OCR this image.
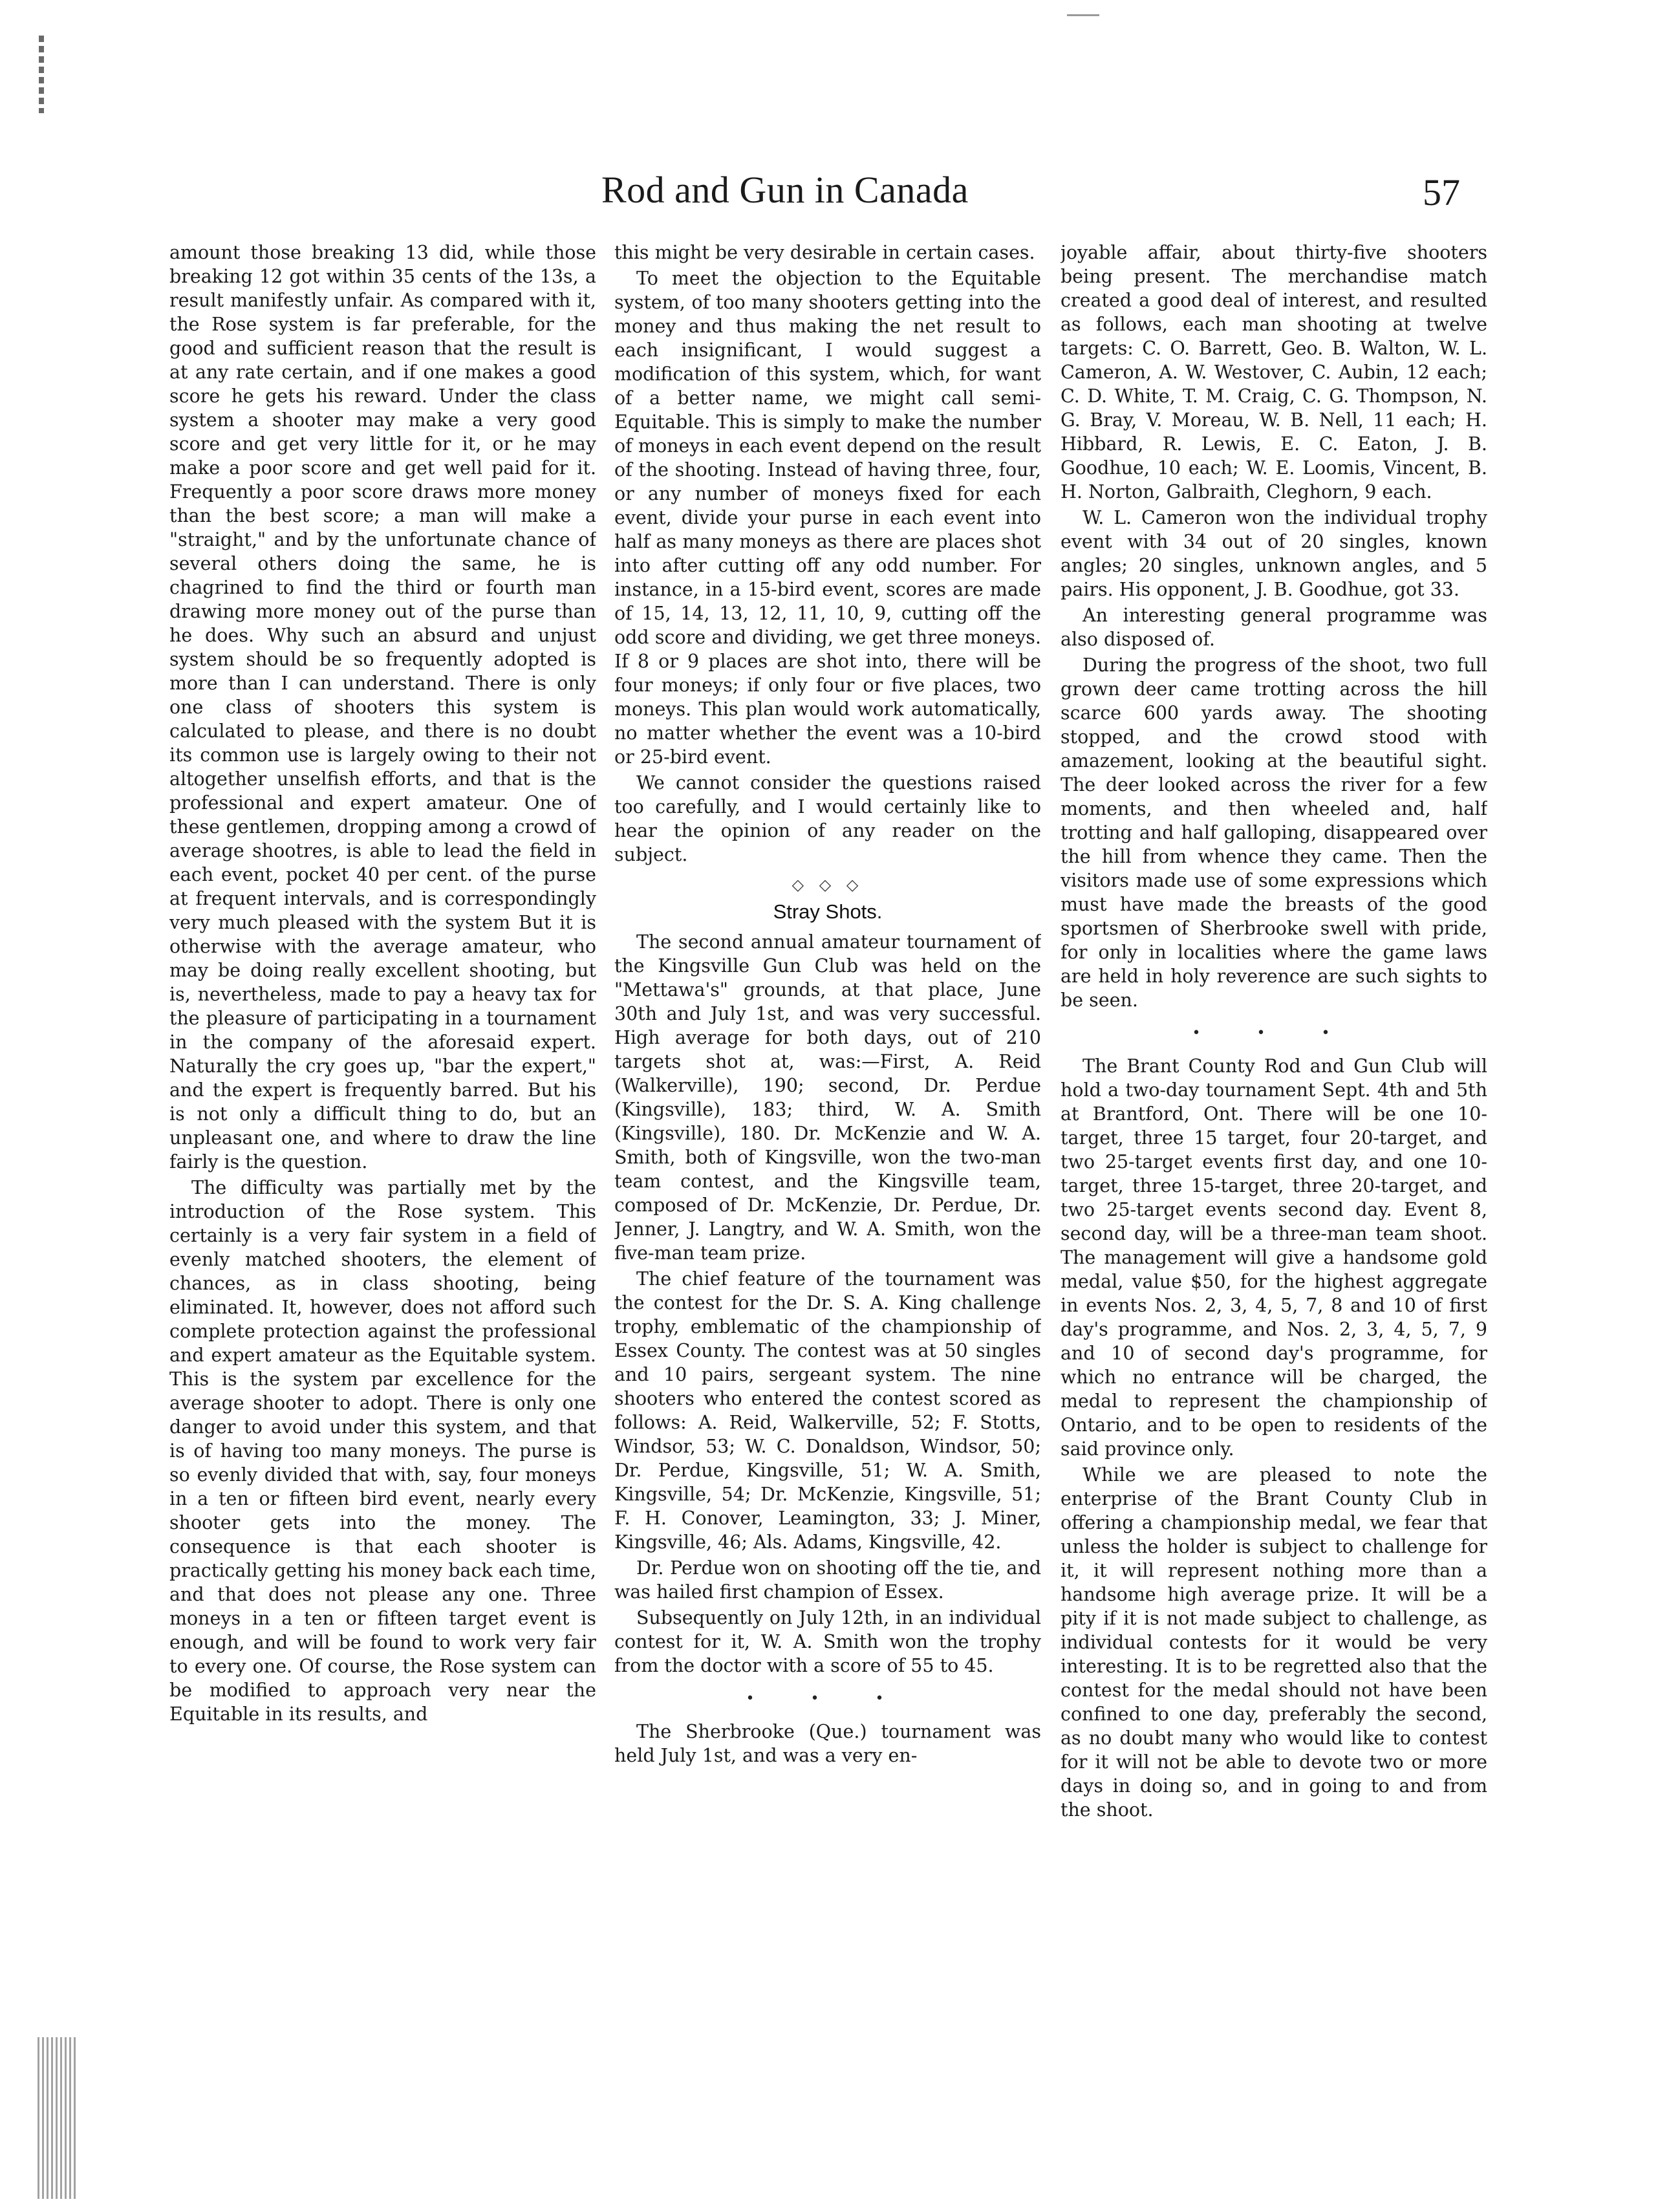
Rod and Gun in Canada	57

amount those breaking 13 did, while those breaking 12 got within 35 cents of the 13s, a result manifestly unfair. As compared with it, the Rose system is far preferable, for the good and sufficient reason that the result is at any rate certain, and if one makes a good score he gets his reward. Under the class system a shooter may make a very good score and get very little for it, or he may make a poor score and get well paid for it. Frequently a poor score draws more money than the best score; a man will make a "straight," and by the unfortunate chance of several others doing the same, he is chagrined to find the third or fourth man drawing more money out of the purse than he does. Why such an absurd and unjust system should be so frequently adopted is more than I can understand. There is only one class of shooters this system is calculated to please, and there is no doubt its common use is largely owing to their not altogether unselfish efforts, and that is the professional and expert amateur. One of these gentlemen, dropping among a crowd of average shootres, is able to lead the field in each event, pocket 40 per cent. of the purse at frequent intervals, and is correspondingly very much pleased with the system But it is otherwise with the average amateur, who may be doing really excellent shooting, but is, nevertheless, made to pay a heavy tax for the pleasure of participating in a tournament in the company of the aforesaid expert. Naturally the cry goes up, "bar the expert," and the expert is frequently barred. But his is not only a difficult thing to do, but an unpleasant one, and where to draw the line fairly is the question.

The difficulty was partially met by the introduction of the Rose system. This certainly is a very fair system in a field of evenly matched shooters, the element of chances, as in class shooting, being eliminated. It, however, does not afford such complete protection against the professional and expert amateur as the Equitable system. This is the system par excellence for the average shooter to adopt. There is only one danger to avoid under this system, and that is of having too many moneys. The purse is so evenly divided that with, say, four moneys in a ten or fifteen bird event, nearly every shooter gets into the money. The consequence is that each shooter is practically getting his money back each time, and that does not please any one. Three moneys in a ten or fifteen target event is enough, and will be found to work very fair to every one. Of course, the Rose system can be modified to approach very near the Equitable in its results, and

this might be very desirable in certain cases.

To meet the objection to the Equitable system, of too many shooters getting into the money and thus making the net result to each insignificant, I would suggest a modification of this system, which, for want of a better name, we might call semi-Equitable. This is simply to make the number of moneys in each event depend on the result of the shooting. Instead of having three, four, or any number of moneys fixed for each event, divide your purse in each event into half as many moneys as there are places shot into after cutting off any odd number. For instance, in a 15-bird event, scores are made of 15, 14, 13, 12, 11, 10, 9, cutting off the odd score and dividing, we get three moneys. If 8 or 9 places are shot into, there will be four moneys; if only four or five places, two moneys. This plan would work automatically, no matter whether the event was a 10-bird or 25-bird event.

We cannot consider the questions raised too carefully, and I would certainly like to hear the opinion of any reader on the subject.

◇ ◇ ◇
Stray Shots.

The second annual amateur tournament of the Kingsville Gun Club was held on the "Mettawa's" grounds, at that place, June 30th and July 1st, and was very successful. High average for both days, out of 210 targets shot at, was:—First, A. Reid (Walkerville), 190; second, Dr. Perdue (Kingsville), 183; third, W. A. Smith (Kingsville), 180. Dr. McKenzie and W. A. Smith, both of Kingsville, won the two-man team contest, and the Kingsville team, composed of Dr. McKenzie, Dr. Perdue, Dr. Jenner, J. Langtry, and W. A. Smith, won the five-man team prize.

The chief feature of the tournament was the contest for the Dr. S. A. King challenge trophy, emblematic of the championship of Essex County. The contest was at 50 singles and 10 pairs, sergeant system. The nine shooters who entered the contest scored as follows: A. Reid, Walkerville, 52; F. Stotts, Windsor, 53; W. C. Donaldson, Windsor, 50; Dr. Perdue, Kingsville, 51; W. A. Smith, Kingsville, 54; Dr. McKenzie, Kingsville, 51; F. H. Conover, Leamington, 33; J. Miner, Kingsville, 46; Als. Adams, Kingsville, 42.

Dr. Perdue won on shooting off the tie, and was hailed first champion of Essex.

Subsequently on July 12th, in an individual contest for it, W. A. Smith won the trophy from the doctor with a score of 55 to 45.

• • •

The Sherbrooke (Que.) tournament was held July 1st, and was a very en-

joyable affair, about thirty-five shooters being present. The merchandise match created a good deal of interest, and resulted as follows, each man shooting at twelve targets: C. O. Barrett, Geo. B. Walton, W. L. Cameron, A. W. Westover, C. Aubin, 12 each; C. D. White, T. M. Craig, C. G. Thompson, N. G. Bray, V. Moreau, W. B. Nell, 11 each; H. Hibbard, R. Lewis, E. C. Eaton, J. B. Goodhue, 10 each; W. E. Loomis, Vincent, B. H. Norton, Galbraith, Cleghorn, 9 each.

W. L. Cameron won the individual trophy event with 34 out of 20 singles, known angles; 20 singles, unknown angles, and 5 pairs. His opponent, J. B. Goodhue, got 33.

An interesting general programme was also disposed of.

During the progress of the shoot, two full grown deer came trotting across the hill scarce 600 yards away. The shooting stopped, and the crowd stood with amazement, looking at the beautiful sight. The deer looked across the river for a few moments, and then wheeled and, half trotting and half galloping, disappeared over the hill from whence they came. Then the visitors made use of some expressions which must have made the breasts of the good sportsmen of Sherbrooke swell with pride, for only in localities where the game laws are held in holy reverence are such sights to be seen.

• • •

The Brant County Rod and Gun Club will hold a two-day tournament Sept. 4th and 5th at Brantford, Ont. There will be one 10-target, three 15 target, four 20-target, and two 25-target events first day, and one 10-target, three 15-target, three 20-target, and two 25-target events second day. Event 8, second day, will be a three-man team shoot. The management will give a handsome gold medal, value $50, for the highest aggregate in events Nos. 2, 3, 4, 5, 7, 8 and 10 of first day's programme, and Nos. 2, 3, 4, 5, 7, 9 and 10 of second day's programme, for which no entrance will be charged, the medal to represent the championship of Ontario, and to be open to residents of the said province only.

While we are pleased to note the enterprise of the Brant County Club in offering a championship medal, we fear that unless the holder is subject to challenge for it, it will represent nothing more than a handsome high average prize. It will be a pity if it is not made subject to challenge, as individual contests for it would be very interesting. It is to be regretted also that the contest for the medal should not have been confined to one day, preferably the second, as no doubt many who would like to contest for it will not be able to devote two or more days in doing so, and in going to and from the shoot.
